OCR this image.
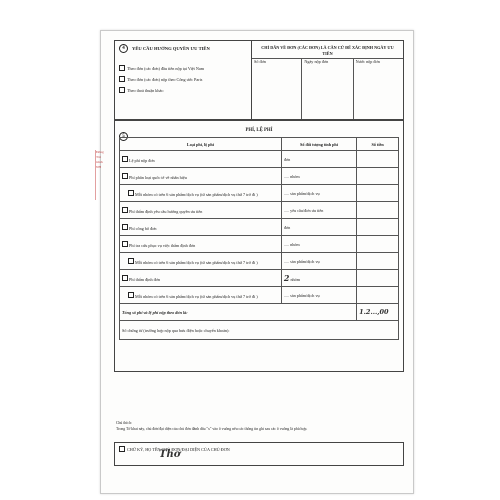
Đông
Tải
trình
NH
4	YÊU CẦU HƯỞNG QUYỀN ƯU TIÊN
Theo đơn (các đơn) đầu tiên nộp tại Việt Nam
Theo đơn (các đơn) nộp theo Công ước Paris
Theo thoả thuận khác:
CHỈ DẪN VỀ ĐƠN (CÁC ĐƠN) LÀ CĂN CỨ ĐỂ XÁC ĐỊNH NGÀY ƯU TIÊN
Số đơn	Ngày nộp đơn	Nước nộp đơn
5
PHÍ, LỆ PHÍ
Loại phí, lệ phí	Số đối tượng tính phí	Số tiền
Lệ phí nộp đơn	đơn	
Phí phân loại quốc tế về nhãn hiệu	..... nhóm	
Mỗi nhóm có trên 6 sản phẩm/dịch vụ (từ sản phẩm/dịch vụ thứ 7 trở đi )	..... sản phẩm/dịch vụ	
Phí thẩm định yêu cầu hưởng quyền ưu tiên	..... yêu cầu/đơn ưu tiên	
Phí công bố đơn	đơn	
Phí tra cứu phục vụ việc thẩm định đơn	..... nhóm	
Mỗi nhóm có trên 6 sản phẩm/dịch vụ (từ sản phẩm/dịch vụ thứ 7 trở đi )	..... sản phẩm/dịch vụ	
Phí thẩm định đơn	2 nhóm	
Mỗi nhóm có trên 6 sản phẩm/dịch vụ (từ sản phẩm/dịch vụ thứ 7 trở đi )	..... sản phẩm/dịch vụ	
Tổng số phí và lệ phí nộp theo đơn là:		1.2...,00
Số chứng từ (trường hợp nộp qua bưu điện hoặc chuyển khoản):		
Chú thích:
Trong Tờ khai này, chủ đơn/đại diện của chủ đơn đánh dấu "x" vào ô vuông nếu các thông tin ghi sau các ô vuông là phù hợp.
CHỮ KÝ, HỌ TÊN CHỦ ĐƠN/ĐẠI DIỆN CỦA CHỦ ĐƠN
Thơ
